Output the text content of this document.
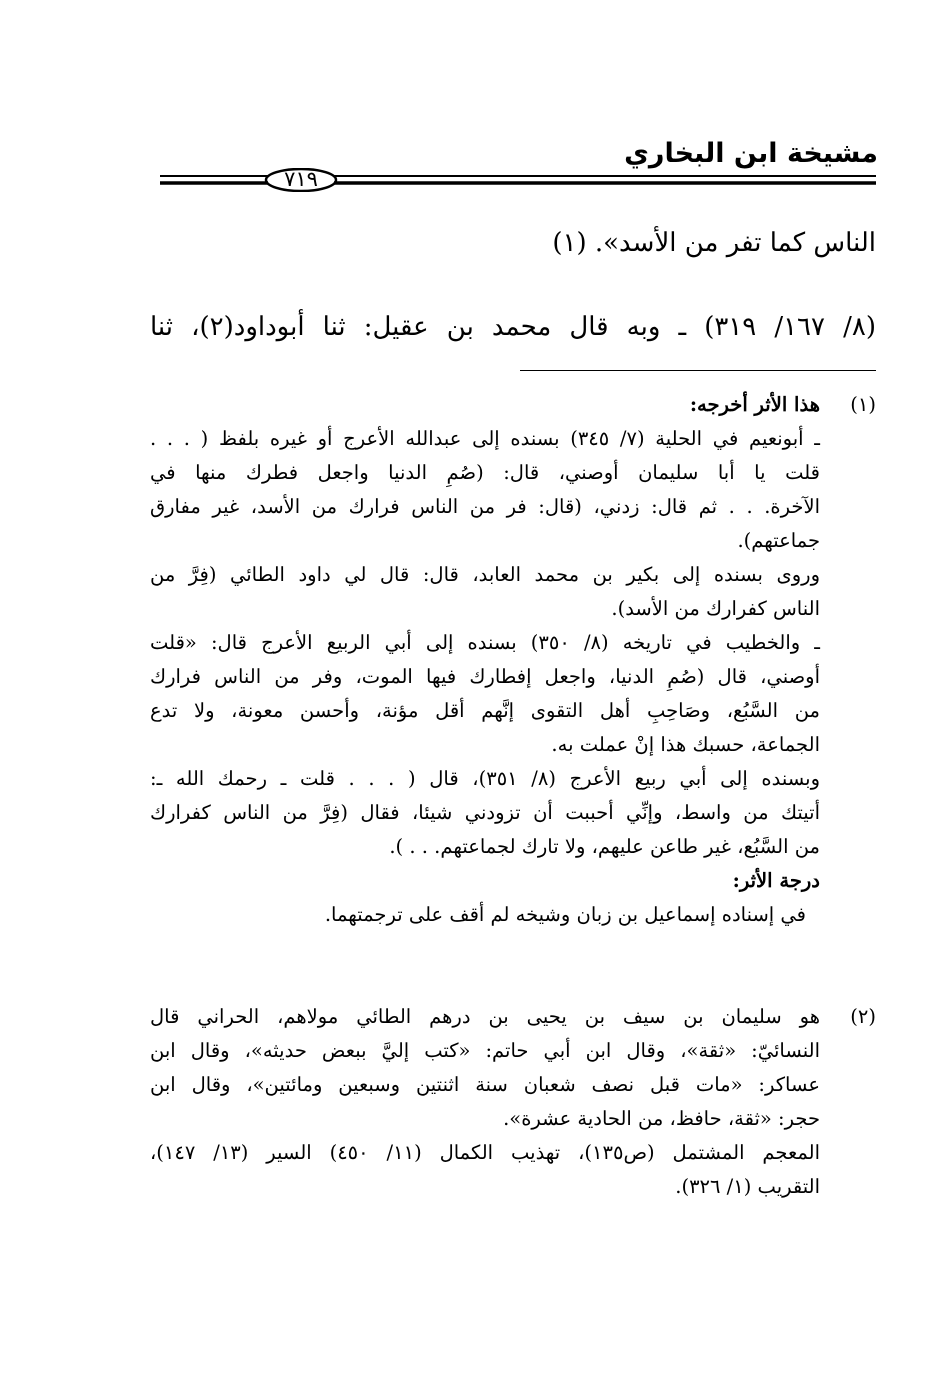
مشيخة ابن البخاري
٧١٩
الناس كما تفر من الأسد». (١)
(٨/ ١٦٧/ ٣١٩) ـ وبه قال محمد بن عقيل: ثنا أبوداود(٢)، ثنا
(١)
هذا الأثر أخرجه:
ـ أبونعيم في الحلية (٧/ ٣٤٥) بسنده إلى عبدالله الأعرج أو غيره بلفظ ( . . .
قلت يا أبا سليمان أوصني، قال: (صُمِ الدنيا واجعل فطرك منها في
الآخرة. . . ثم قال: زدني، (قال: فر من الناس فرارك من الأسد، غير مفارق
جماعتهم).
وروى بسنده إلى بكير بن محمد العابد، قال: قال لي داود الطائي (فِرَّ من
الناس كفرارك من الأسد).
ـ والخطيب في تاريخه (٨/ ٣٥٠) بسنده إلى أبي الربيع الأعرج قال: «قلت
أوصني، قال (صُمِ الدنيا، واجعل إفطارك فيها الموت، وفر من الناس فرارك
من السَّبُع، وصَاحِبِ أهل التقوى إنَّهم أقل مؤنة، وأحسن معونة، ولا تدع
الجماعة، حسبك هذا إنْ عملت به.
وبسنده إلى أبي ربيع الأعرج (٨/ ٣٥١)، قال ( . . . قلت ـ رحمك الله ـ:
أتيتك من واسط، وإنِّي أحببت أن تزودني شيئا، فقال (فِرَّ من الناس كفرارك
من السَّبُع، غير طاعن عليهم، ولا تارك لجماعتهم. . . ).
درجة الأثر:
في إسناده إسماعيل بن زبان وشيخه لم أقف على ترجمتهما.
(٢)
هو سليمان بن سيف بن يحيى بن درهم الطائي مولاهم، الحراني قال
النسائيّ: «ثقة»، وقال ابن أبي حاتم: «كتب إليَّ ببعض حديثه»، وقال ابن
عساكر: «مات قبل نصف شعبان سنة اثنتين وسبعين ومائتين»، وقال ابن
حجر: «ثقة، حافظ، من الحادية عشرة».
المعجم المشتمل (ص١٣٥)، تهذيب الكمال (١١/ ٤٥٠) السير (١٣/ ١٤٧)،
التقريب (١/ ٣٢٦).
